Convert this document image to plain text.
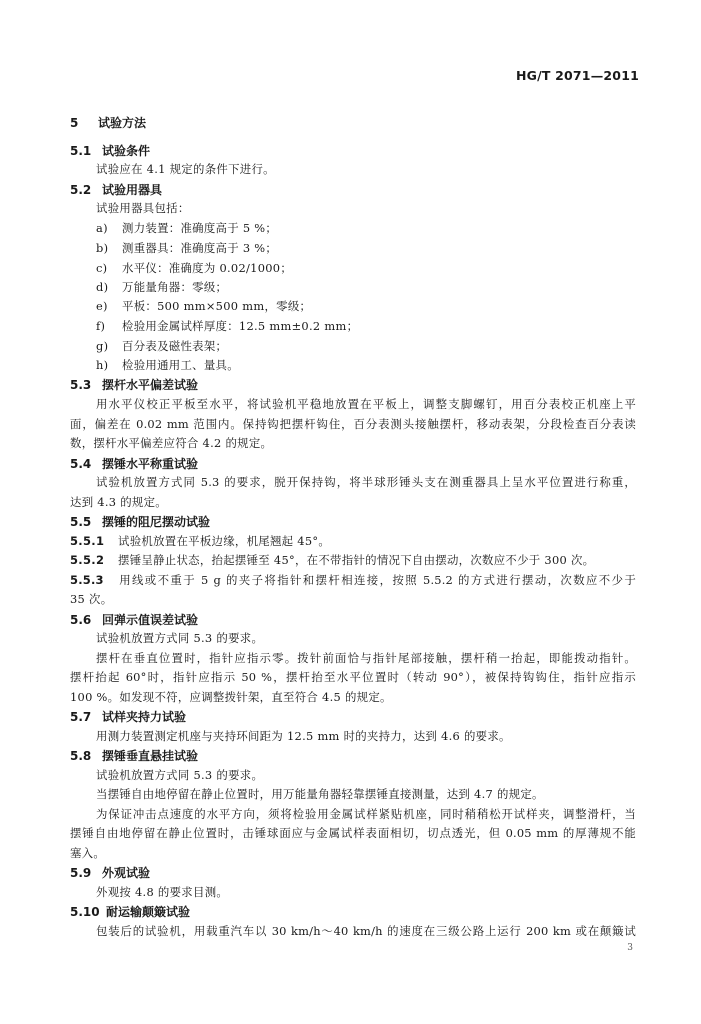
HG/T 2071—2011
5 试验方法
5.1 试验条件
试验应在 4.1 规定的条件下进行。
5.2 试验用器具
试验用器具包括：
a) 测力装置：准确度高于 5 %；
b) 测重器具：准确度高于 3 %；
c) 水平仪：准确度为 0.02/1000；
d) 万能量角器：零级；
e) 平板：500 mm×500 mm，零级；
f) 检验用金属试样厚度：12.5 mm±0.2 mm；
g) 百分表及磁性表架；
h) 检验用通用工、量具。
5.3 摆杆水平偏差试验
用水平仪校正平板至水平，将试验机平稳地放置在平板上，调整支脚螺钉，用百分表校正机座上平
面，偏差在 0.02 mm 范围内。保持钩把摆杆钩住，百分表测头接触摆杆，移动表架，分段检查百分表读
数，摆杆水平偏差应符合 4.2 的规定。
5.4 摆锤水平称重试验
试验机放置方式同 5.3 的要求，脱开保持钩，将半球形锤头支在测重器具上呈水平位置进行称重，
达到 4.3 的规定。
5.5 摆锤的阻尼摆动试验
5.5.1 试验机放置在平板边缘，机尾翘起 45°。
5.5.2 摆锤呈静止状态，抬起摆锤至 45°，在不带指针的情况下自由摆动，次数应不少于 300 次。
5.5.3 用线或不重于 5 g 的夹子将指针和摆杆相连接，按照 5.5.2 的方式进行摆动，次数应不少于
35 次。
5.6 回弹示值误差试验
试验机放置方式同 5.3 的要求。
摆杆在垂直位置时，指针应指示零。拨针前面恰与指针尾部接触，摆杆稍一抬起，即能拨动指针。
摆杆抬起 60°时，指针应指示 50 %，摆杆抬至水平位置时（转动 90°），被保持钩钩住，指针应指示
100 %。如发现不符，应调整拨针架，直至符合 4.5 的规定。
5.7 试样夹持力试验
用测力装置测定机座与夹持环间距为 12.5 mm 时的夹持力，达到 4.6 的要求。
5.8 摆锤垂直悬挂试验
试验机放置方式同 5.3 的要求。
当摆锤自由地停留在静止位置时，用万能量角器轻靠摆锤直接测量，达到 4.7 的规定。
为保证冲击点速度的水平方向，须将检验用金属试样紧贴机座，同时稍稍松开试样夹，调整滑杆，当
摆锤自由地停留在静止位置时，击锤球面应与金属试样表面相切，切点透光，但 0.05 mm 的厚薄规不能
塞入。
5.9 外观试验
外观按 4.8 的要求目测。
5.10 耐运输颠簸试验
包装后的试验机，用载重汽车以 30 km/h～40 km/h 的速度在三级公路上运行 200 km 或在颠簸试
3
